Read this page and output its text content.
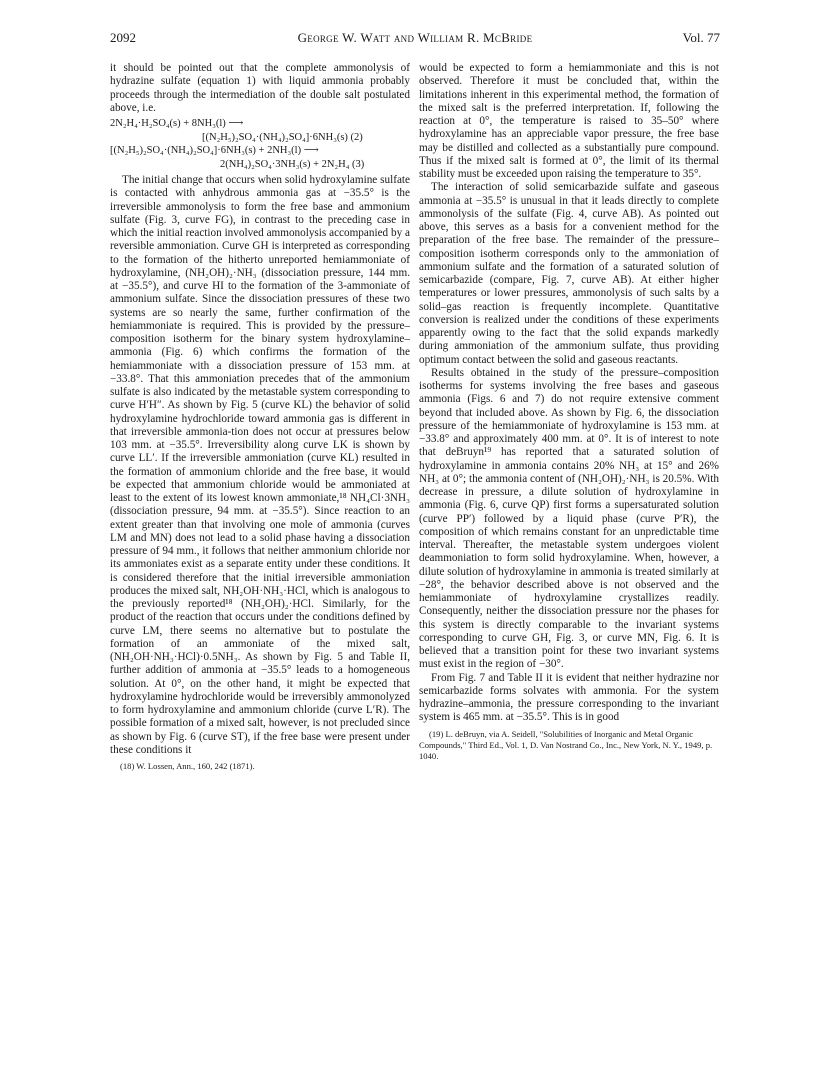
2092	George W. Watt and William R. McBride	Vol. 77

it should be pointed out that the complete ammonolysis of hydrazine sulfate (equation 1) with liquid ammonia probably proceeds through the intermediation of the double salt postulated above, i.e.

2N₂H₄·H₂SO₄(s) + 8NH₃(l) ⟶
[(N₂H₅)₂SO₄·(NH₄)₂SO₄]·6NH₃(s) (2)
[(N₂H₅)₂SO₄·(NH₄)₂SO₄]·6NH₃(s) + 2NH₃(l) ⟶
2(NH₄)₂SO₄·3NH₃(s) + 2N₂H₄ (3)

The initial change that occurs when solid hydroxylamine sulfate is contacted with anhydrous ammonia gas at −35.5° is the irreversible ammonolysis to form the free base and ammonium sulfate (Fig. 3, curve FG), in contrast to the preceding case in which the initial reaction involved ammonolysis accompanied by a reversible ammoniation. Curve GH is interpreted as corresponding to the formation of the hitherto unreported hemiammoniate of hydroxylamine, (NH₂OH)₂·NH₃ (dissociation pressure, 144 mm. at −35.5°), and curve HI to the formation of the 3-ammoniate of ammonium sulfate. Since the dissociation pressures of these two systems are so nearly the same, further confirmation of the hemiammoniate is required. This is provided by the pressure–composition isotherm for the binary system hydroxylamine–ammonia (Fig. 6) which confirms the formation of the hemiammoniate with a dissociation pressure of 153 mm. at −33.8°. That this ammoniation precedes that of the ammonium sulfate is also indicated by the metastable system corresponding to curve H′H″. As shown by Fig. 5 (curve KL) the behavior of solid hydroxylamine hydrochloride toward ammonia gas is different in that irreversible ammonia-tion does not occur at pressures below 103 mm. at −35.5°. Irreversibility along curve LK is shown by curve LL′. If the irreversible ammoniation (curve KL) resulted in the formation of ammonium chloride and the free base, it would be expected that ammonium chloride would be ammoniated at least to the extent of its lowest known ammoniate,¹⁸ NH₄Cl·3NH₃ (dissociation pressure, 94 mm. at −35.5°). Since reaction to an extent greater than that involving one mole of ammonia (curves LM and MN) does not lead to a solid phase having a dissociation pressure of 94 mm., it follows that neither ammonium chloride nor its ammoniates exist as a separate entity under these conditions. It is considered therefore that the initial irreversible ammoniation produces the mixed salt, NH₂OH·NH₃·HCl, which is analogous to the previously reported¹⁸ (NH₂OH)₂·HCl. Similarly, for the product of the reaction that occurs under the conditions defined by curve LM, there seems no alternative but to postulate the formation of an ammoniate of the mixed salt, (NH₂OH·NH₃·HCl)·0.5NH₃. As shown by Fig. 5 and Table II, further addition of ammonia at −35.5° leads to a homogeneous solution. At 0°, on the other hand, it might be expected that hydroxylamine hydrochloride would be irreversibly ammonolyzed to form hydroxylamine and ammonium chloride (curve L′R). The possible formation of a mixed salt, however, is not precluded since as shown by Fig. 6 (curve ST), if the free base were present under these conditions it

(18) W. Lossen, Ann., 160, 242 (1871).

would be expected to form a hemiammoniate and this is not observed. Therefore it must be concluded that, within the limitations inherent in this experimental method, the formation of the mixed salt is the preferred interpretation. If, following the reaction at 0°, the temperature is raised to 35–50° where hydroxylamine has an appreciable vapor pressure, the free base may be distilled and collected as a substantially pure compound. Thus if the mixed salt is formed at 0°, the limit of its thermal stability must be exceeded upon raising the temperature to 35°.

The interaction of solid semicarbazide sulfate and gaseous ammonia at −35.5° is unusual in that it leads directly to complete ammonolysis of the sulfate (Fig. 4, curve AB). As pointed out above, this serves as a basis for a convenient method for the preparation of the free base. The remainder of the pressure–composition isotherm corresponds only to the ammoniation of ammonium sulfate and the formation of a saturated solution of semicarbazide (compare, Fig. 7, curve AB). At either higher temperatures or lower pressures, ammonolysis of such salts by a solid–gas reaction is frequently incomplete. Quantitative conversion is realized under the conditions of these experiments apparently owing to the fact that the solid expands markedly during ammoniation of the ammonium sulfate, thus providing optimum contact between the solid and gaseous reactants.

Results obtained in the study of the pressure–composition isotherms for systems involving the free bases and gaseous ammonia (Figs. 6 and 7) do not require extensive comment beyond that included above. As shown by Fig. 6, the dissociation pressure of the hemiammoniate of hydroxylamine is 153 mm. at −33.8° and approximately 400 mm. at 0°. It is of interest to note that deBruyn¹⁹ has reported that a saturated solution of hydroxylamine in ammonia contains 20% NH₃ at 15° and 26% NH₃ at 0°; the ammonia content of (NH₂OH)₂·NH₃ is 20.5%. With decrease in pressure, a dilute solution of hydroxylamine in ammonia (Fig. 6, curve QP) first forms a supersaturated solution (curve PP′) followed by a liquid phase (curve P′R), the composition of which remains constant for an unpredictable time interval. Thereafter, the metastable system undergoes violent deammoniation to form solid hydroxylamine. When, however, a dilute solution of hydroxylamine in ammonia is treated similarly at −28°, the behavior described above is not observed and the hemiammoniate of hydroxylamine crystallizes readily. Consequently, neither the dissociation pressure nor the phases for this system is directly comparable to the invariant systems corresponding to curve GH, Fig. 3, or curve MN, Fig. 6. It is believed that a transition point for these two invariant systems must exist in the region of −30°.

From Fig. 7 and Table II it is evident that neither hydrazine nor semicarbazide forms solvates with ammonia. For the system hydrazine–ammonia, the pressure corresponding to the invariant system is 465 mm. at −35.5°. This is in good

(19) L. deBruyn, via A. Seidell, "Solubilities of Inorganic and Metal Organic Compounds," Third Ed., Vol. 1, D. Van Nostrand Co., Inc., New York, N. Y., 1949, p. 1040.
